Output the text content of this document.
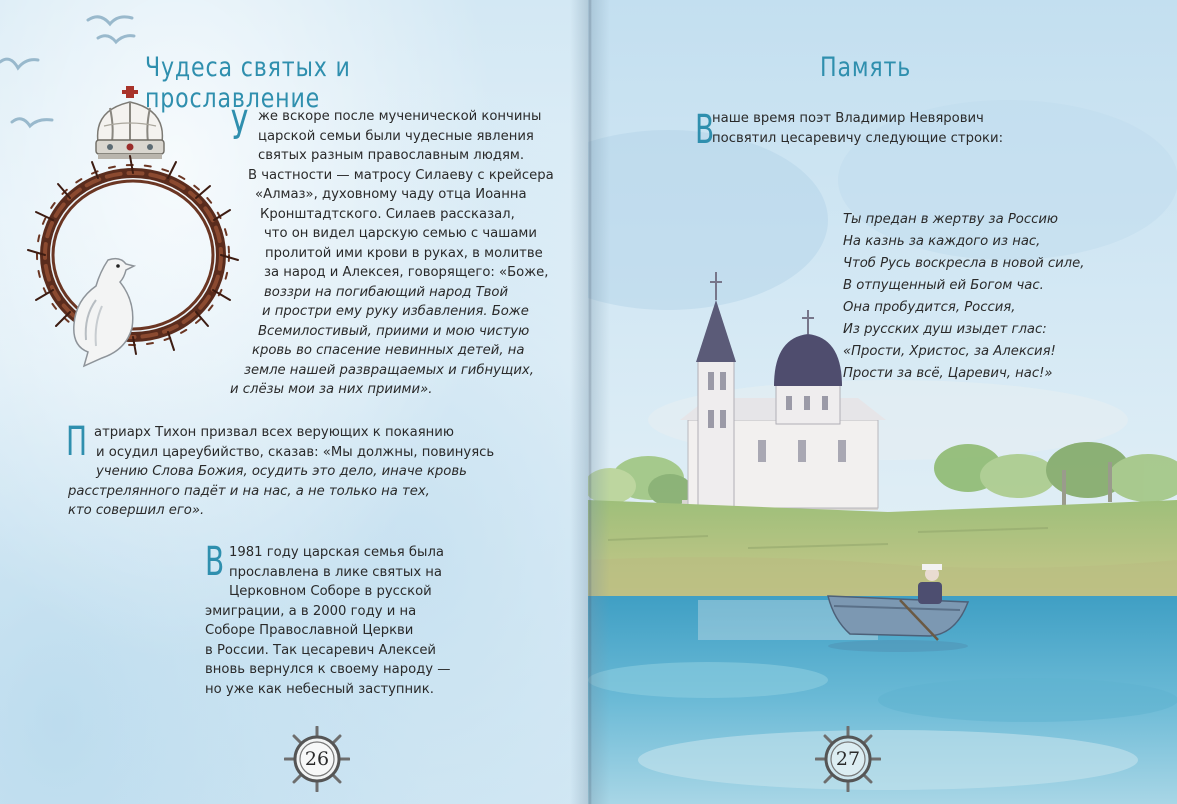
Чудеса святых и прославление
У же вскоре после мученической кончины

царской семьи были чудесные явления

святых разным православным людям.

В частности — матросу Силаеву с крейсера

«Алмаз», духовному чаду отца Иоанна

Кронштадтского. Силаев рассказал,

что он видел царскую семью с чашами

пролитой ими крови в руках, в молитве

за народ и Алексея, говорящего: «Боже,

воззри на погибающий народ Твой

и простри ему руку избавления. Боже

Всемилостивый, приими и мою чистую

кровь во спасение невинных детей, на

земле нашей развращаемых и гибнущих,

и слёзы мои за них приими».

П атриарх Тихон призвал всех верующих к покаянию

и осудил цареубийство, сказав: «Мы должны, повинуясь

учению Слова Божия, осудить это дело, иначе кровь

расстрелянного падёт и на нас, а не только на тех,

кто совершил его».

В 1981 году царская семья была

прославлена в лике святых на

Церковном Соборе в русской

эмиграции, а в 2000 году и на

Соборе Православной Церкви

в России. Так цесаревич Алексей

вновь вернулся к своему народу —

но уже как небесный заступник.

26
Память
В

наше время поэт Владимир Невярович

посвятил цесаревичу следующие строки:

Ты предан в жертву за Россию

На казнь за каждого из нас,

Чтоб Русь воскресла в новой силе,

В отпущенный ей Богом час.

Она пробудится, Россия,

Из русских душ изыдет глас:

«Прости, Христос, за Алексия!

Прости за всё, Царевич, нас!»

27
